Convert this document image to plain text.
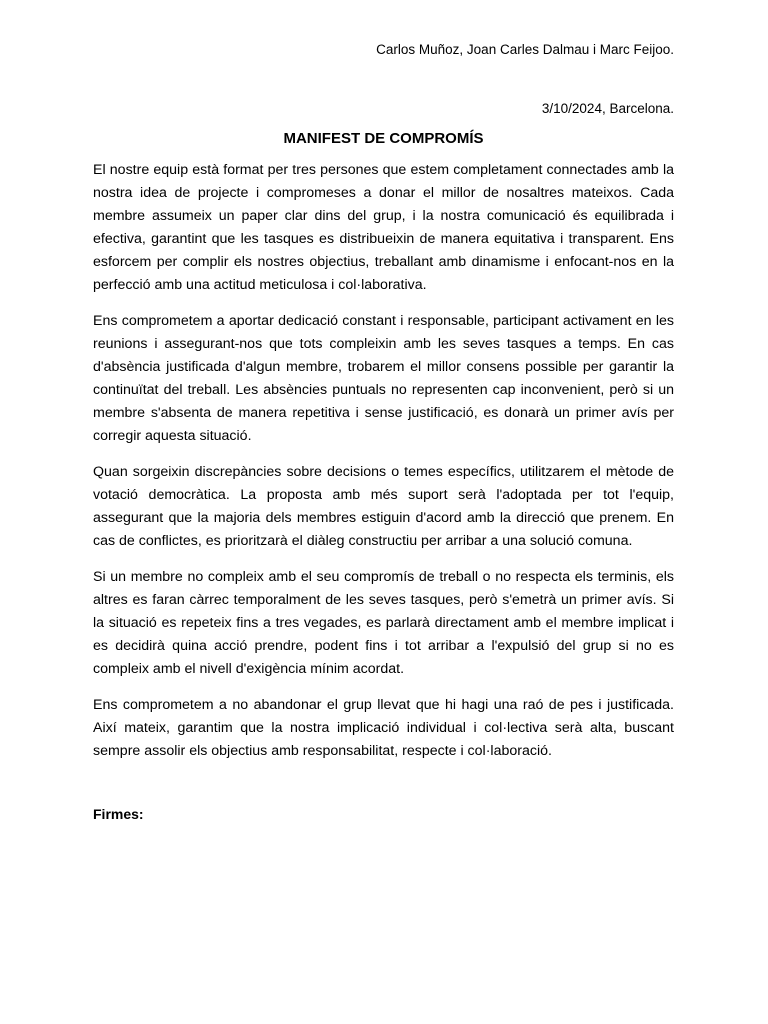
Carlos Muñoz, Joan Carles Dalmau i Marc Feijoo.
3/10/2024, Barcelona.
MANIFEST DE COMPROMÍS

El nostre equip està format per tres persones que estem completament connectades amb la nostra idea de projecte i compromeses a donar el millor de nosaltres mateixos. Cada membre assumeix un paper clar dins del grup, i la nostra comunicació és equilibrada i efectiva, garantint que les tasques es distribueixin de manera equitativa i transparent. Ens esforcem per complir els nostres objectius, treballant amb dinamisme i enfocant-nos en la perfecció amb una actitud meticulosa i col·laborativa.

Ens comprometem a aportar dedicació constant i responsable, participant activament en les reunions i assegurant-nos que tots compleixin amb les seves tasques a temps. En cas d'absència justificada d'algun membre, trobarem el millor consens possible per garantir la continuïtat del treball. Les absències puntuals no representen cap inconvenient, però si un membre s'absenta de manera repetitiva i sense justificació, es donarà un primer avís per corregir aquesta situació.

Quan sorgeixin discrepàncies sobre decisions o temes específics, utilitzarem el mètode de votació democràtica. La proposta amb més suport serà l'adoptada per tot l'equip, assegurant que la majoria dels membres estiguin d'acord amb la direcció que prenem. En cas de conflictes, es prioritzarà el diàleg constructiu per arribar a una solució comuna.

Si un membre no compleix amb el seu compromís de treball o no respecta els terminis, els altres es faran càrrec temporalment de les seves tasques, però s'emetrà un primer avís. Si la situació es repeteix fins a tres vegades, es parlarà directament amb el membre implicat i es decidirà quina acció prendre, podent fins i tot arribar a l'expulsió del grup si no es compleix amb el nivell d'exigència mínim acordat.

Ens comprometem a no abandonar el grup llevat que hi hagi una raó de pes i justificada. Així mateix, garantim que la nostra implicació individual i col·lectiva serà alta, buscant sempre assolir els objectius amb responsabilitat, respecte i col·laboració.

Firmes:
